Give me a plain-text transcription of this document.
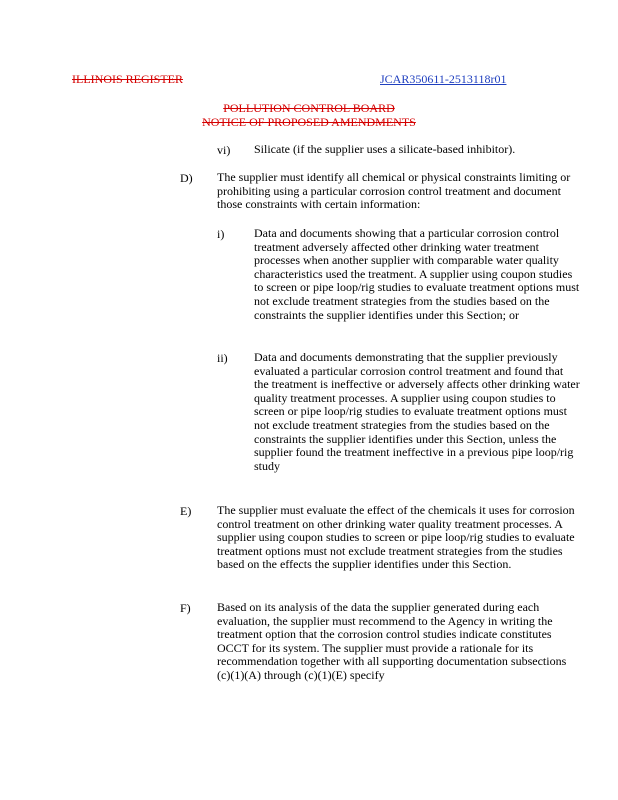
ILLINOIS REGISTER	JCAR350611-2513118r01
POLLUTION CONTROL BOARD
NOTICE OF PROPOSED AMENDMENTS
vi) Silicate (if the supplier uses a silicate-based inhibitor).
D) The supplier must identify all chemical or physical constraints limiting or prohibiting using a particular corrosion control treatment and document those constraints with certain information:
i) Data and documents showing that a particular corrosion control treatment adversely affected other drinking water treatment processes when another supplier with comparable water quality characteristics used the treatment. A supplier using coupon studies to screen or pipe loop/rig studies to evaluate treatment options must not exclude treatment strategies from the studies based on the constraints the supplier identifies under this Section; or
ii) Data and documents demonstrating that the supplier previously evaluated a particular corrosion control treatment and found that the treatment is ineffective or adversely affects other drinking water quality treatment processes. A supplier using coupon studies to screen or pipe loop/rig studies to evaluate treatment options must not exclude treatment strategies from the studies based on the constraints the supplier identifies under this Section, unless the supplier found the treatment ineffective in a previous pipe loop/rig study
E) The supplier must evaluate the effect of the chemicals it uses for corrosion control treatment on other drinking water quality treatment processes. A supplier using coupon studies to screen or pipe loop/rig studies to evaluate treatment options must not exclude treatment strategies from the studies based on the effects the supplier identifies under this Section.
F) Based on its analysis of the data the supplier generated during each evaluation, the supplier must recommend to the Agency in writing the treatment option that the corrosion control studies indicate constitutes OCCT for its system. The supplier must provide a rationale for its recommendation together with all supporting documentation subsections (c)(1)(A) through (c)(1)(E) specify
